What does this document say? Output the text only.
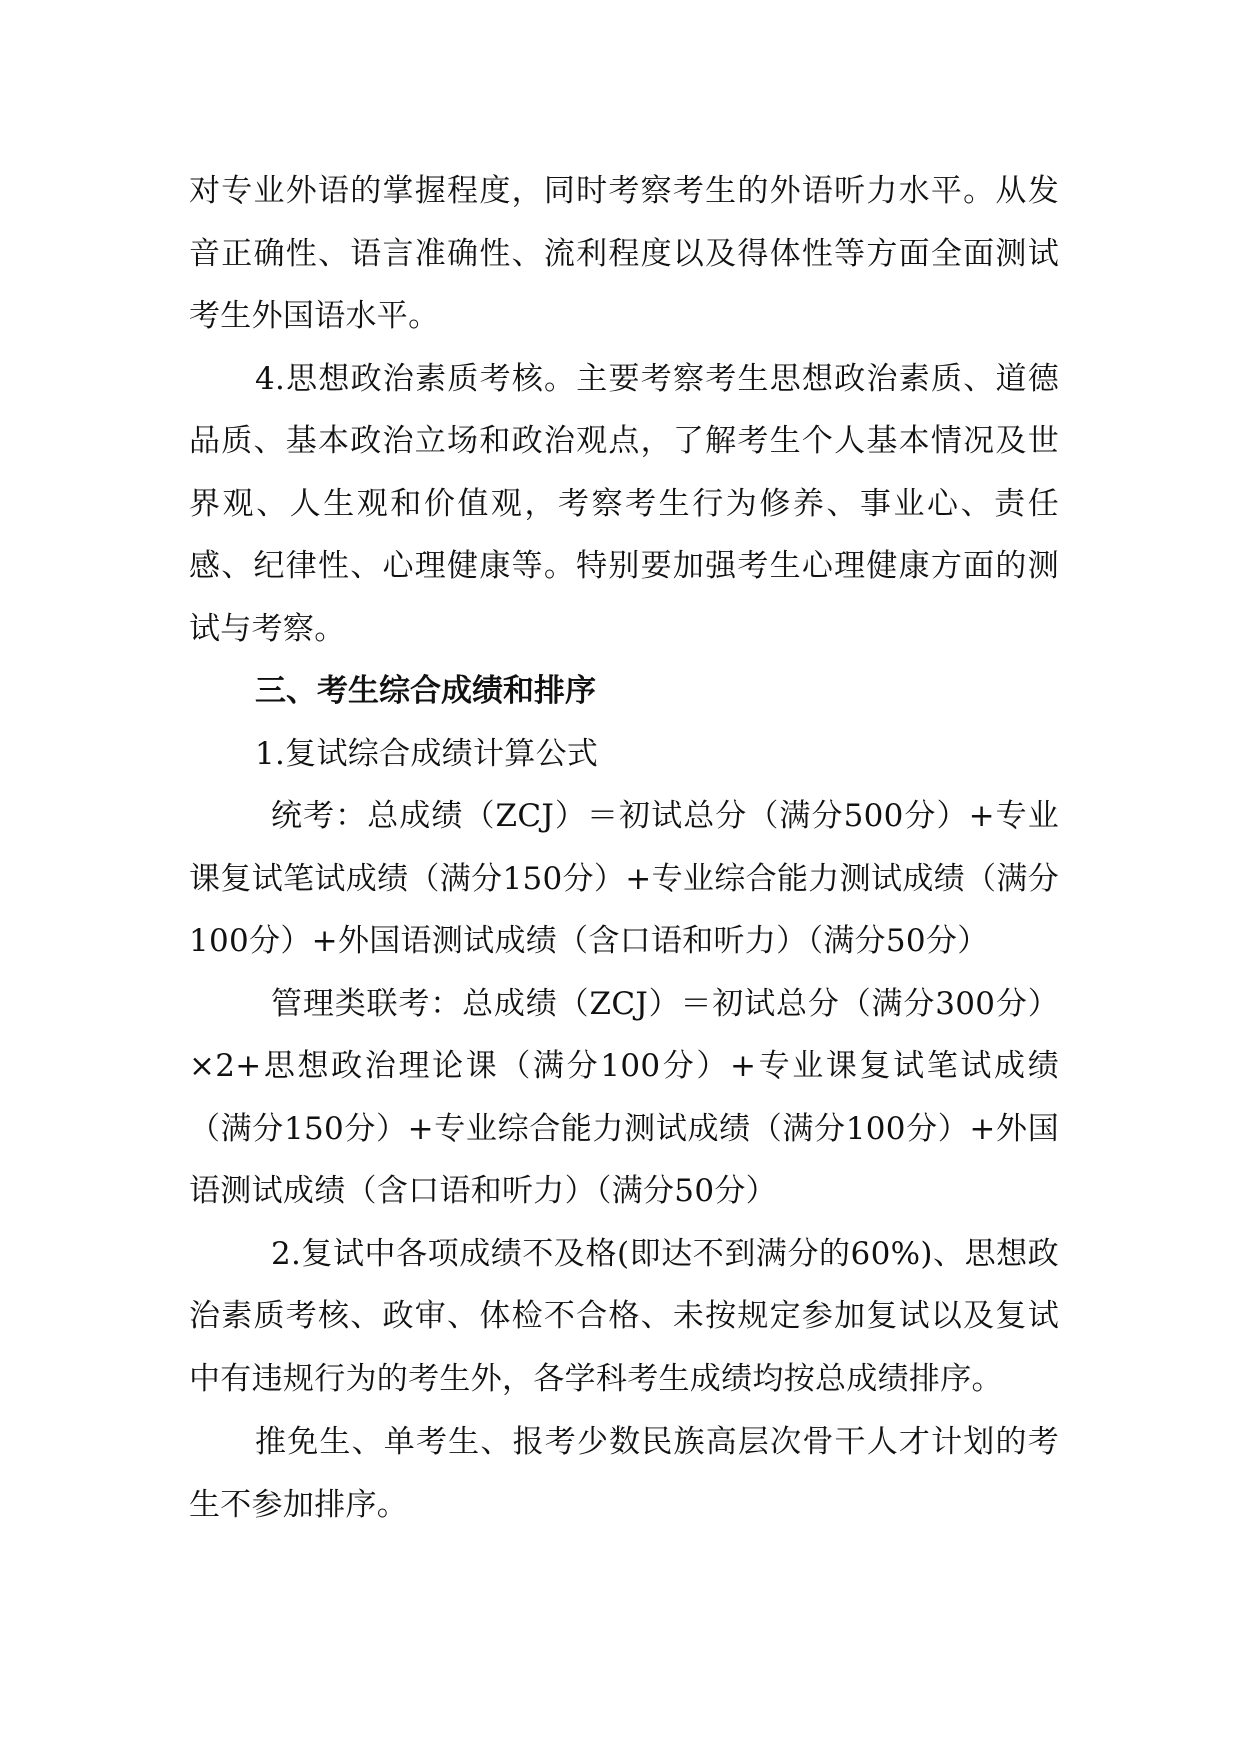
对专业外语的掌握程度，同时考察考生的外语听力水平。从发音正确性、语言准确性、流利程度以及得体性等方面全面测试考生外国语水平。

4.思想政治素质考核。主要考察考生思想政治素质、道德品质、基本政治立场和政治观点，了解考生个人基本情况及世界观、人生观和价值观，考察考生行为修养、事业心、责任感、纪律性、心理健康等。特别要加强考生心理健康方面的测试与考察。

三、考生综合成绩和排序

1.复试综合成绩计算公式

统考：总成绩（ZCJ）＝初试总分（满分500分）+专业课复试笔试成绩（满分150分）+专业综合能力测试成绩（满分100分）+外国语测试成绩（含口语和听力）（满分50分）

管理类联考：总成绩（ZCJ）＝初试总分（满分300分）×2+思想政治理论课（满分100分）+专业课复试笔试成绩（满分150分）+专业综合能力测试成绩（满分100分）+外国语测试成绩（含口语和听力）（满分50分）

2.复试中各项成绩不及格(即达不到满分的60%)、思想政治素质考核、政审、体检不合格、未按规定参加复试以及复试中有违规行为的考生外，各学科考生成绩均按总成绩排序。

推免生、单考生、报考少数民族高层次骨干人才计划的考生不参加排序。
